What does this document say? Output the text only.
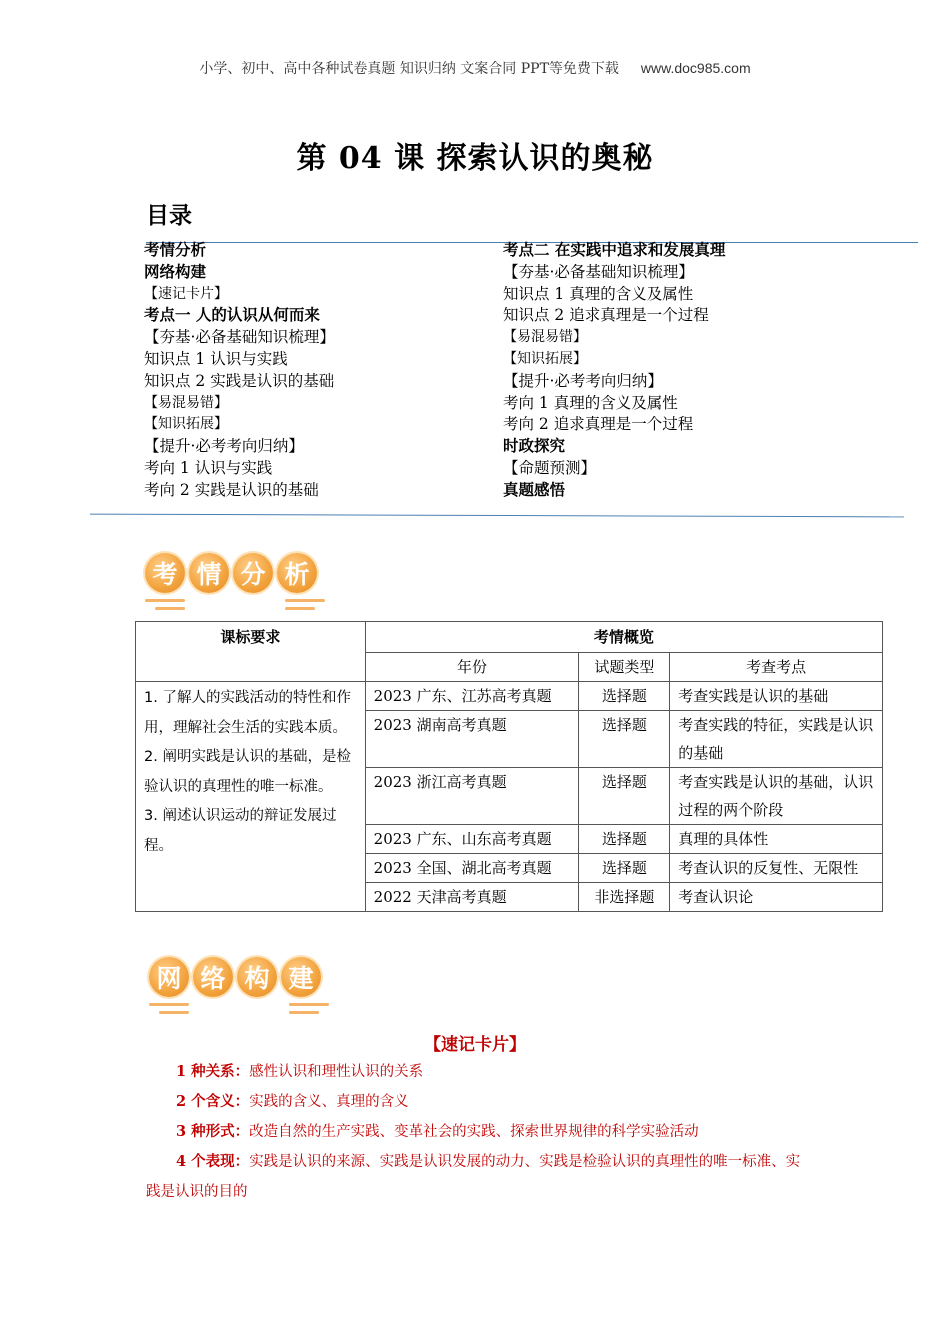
小学、初中、高中各种试卷真题 知识归纳 文案合同 PPT等免费下载 www.doc985.com
第 04 课 探索认识的奥秘
目录
考情分析
网络构建
【速记卡片】
考点一 人的认识从何而来
【夯基·必备基础知识梳理】
知识点 1 认识与实践
知识点 2 实践是认识的基础
【易混易错】
【知识拓展】
【提升·必考考向归纳】
考向 1 认识与实践
考向 2 实践是认识的基础
考点二 在实践中追求和发展真理
【夯基·必备基础知识梳理】
知识点 1 真理的含义及属性
知识点 2 追求真理是一个过程
【易混易错】
【知识拓展】
【提升·必考考向归纳】
考向 1 真理的含义及属性
考向 2 追求真理是一个过程
时政探究
【命题预测】
真题感悟
考 情 分 析
课标要求	考情概览		
	年份	试题类型	考查考点
1. 了解人的实践活动的特性和作用，理解社会生活的实践本质。
2. 阐明实践是认识的基础，是检验认识的真理性的唯一标准。
3. 阐述认识运动的辩证发展过程。	2023 广东、江苏高考真题	选择题	考查实践是认识的基础
	2023 湖南高考真题	选择题	考查实践的特征，实践是认识的基础
	2023 浙江高考真题	选择题	考查实践是认识的基础，认识过程的两个阶段
	2023 广东、山东高考真题	选择题	真理的具体性
	2023 全国、湖北高考真题	选择题	考查认识的反复性、无限性
	2022 天津高考真题	非选择题	考查认识论
网 络 构 建
【速记卡片】
1 种关系：感性认识和理性认识的关系
2 个含义：实践的含义、真理的含义
3 种形式：改造自然的生产实践、变革社会的实践、探索世界规律的科学实验活动
4 个表现：实践是认识的来源、实践是认识发展的动力、实践是检验认识的真理性的唯一标准、实践是认识的目的
